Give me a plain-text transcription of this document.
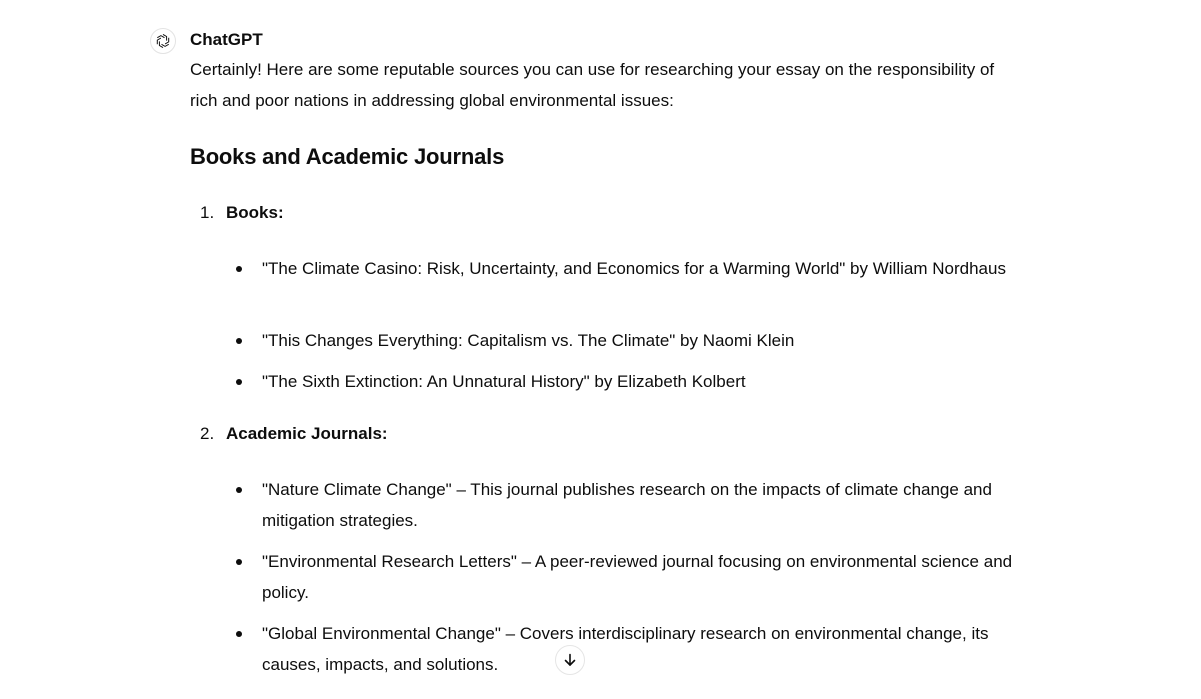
ChatGPT

Certainly! Here are some reputable sources you can use for researching your essay on the responsibility of rich and poor nations in addressing global environmental issues:

Books and Academic Journals
1. Books:
"The Climate Casino: Risk, Uncertainty, and Economics for a Warming World" by William Nordhaus
"This Changes Everything: Capitalism vs. The Climate" by Naomi Klein
"The Sixth Extinction: An Unnatural History" by Elizabeth Kolbert
2. Academic Journals:
"Nature Climate Change" – This journal publishes research on the impacts of climate change and mitigation strategies.
"Environmental Research Letters" – A peer-reviewed journal focusing on environmental science and policy.
"Global Environmental Change" – Covers interdisciplinary research on environmental change, its causes, impacts, and solutions.
